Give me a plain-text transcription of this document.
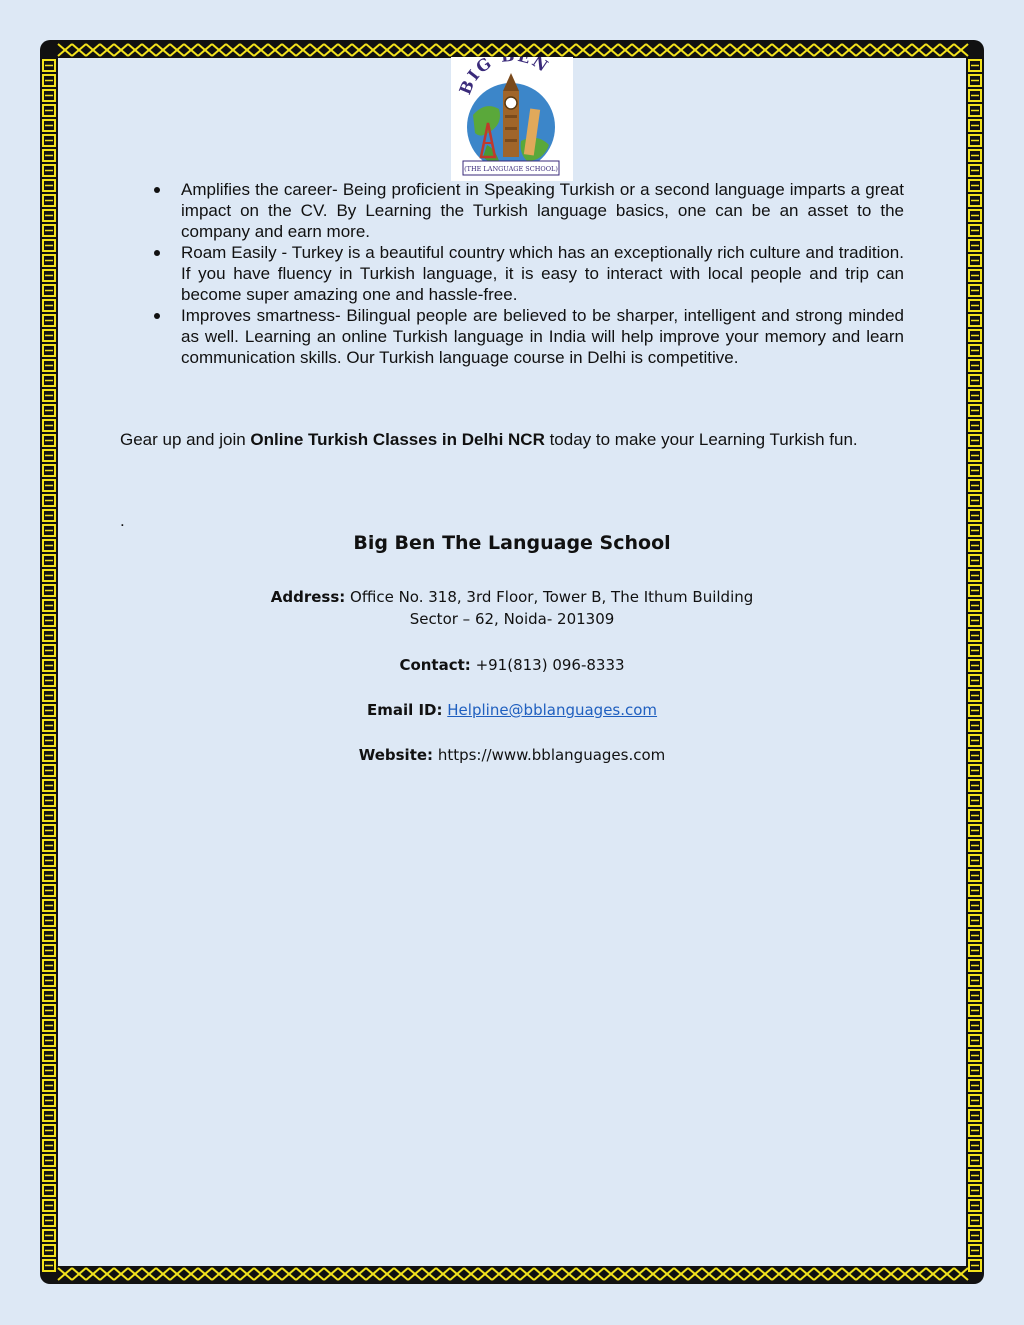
BIG N
(THE LANGUAGE SCHOOL)
Amplifies the career- Being proficient in Speaking Turkish or a second language imparts a great impact on the CV. By Learning the Turkish language basics, one can be an asset to the company and earn more.
Roam Easily - Turkey is a beautiful country which has an exceptionally rich culture and tradition. If you have fluency in Turkish language, it is easy to interact with local people and trip can become super amazing one and hassle-free.
Improves smartness- Bilingual people are believed to be sharper, intelligent and strong minded as well. Learning an online Turkish language in India will help improve your memory and learn communication skills. Our Turkish language course in Delhi is competitive.

Gear up and join Online Turkish Classes in Delhi NCR today to make your Learning Turkish fun.

.

Big Ben The Language School

Address: Office No. 318, 3rd Floor, Tower B, The Ithum Building
Sector – 62, Noida- 201309

Contact: +91(813) 096-8333

Email ID: Helpline@bblanguages.com

Website: https://www.bblanguages.com
